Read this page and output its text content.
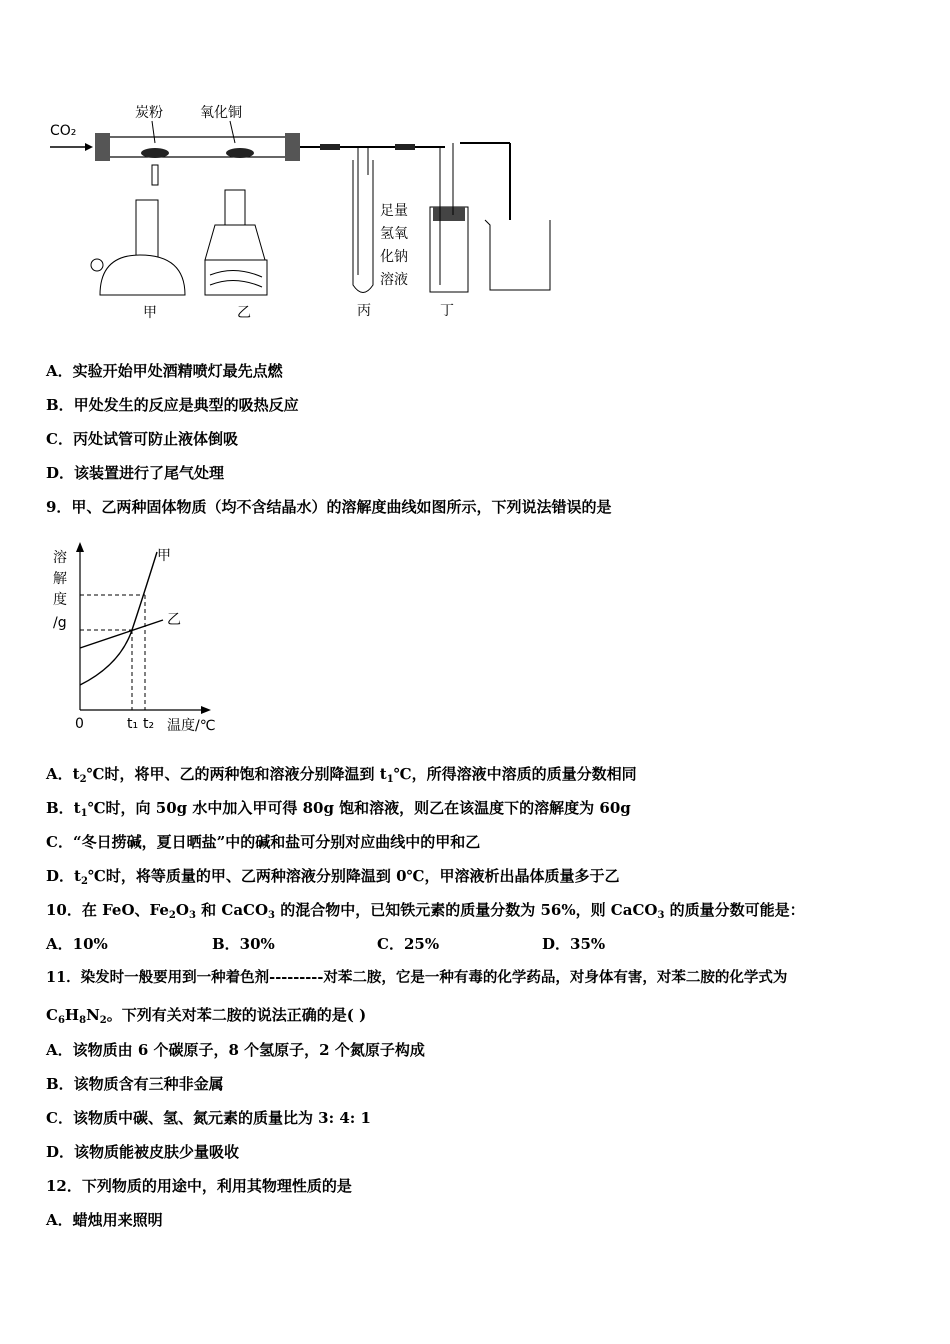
CO₂
炭粉	氧化铜
甲	乙	丙
足量
氢氧
化钠
溶液
丁
A．实验开始甲处酒精喷灯最先点燃
B．甲处发生的反应是典型的吸热反应
C．丙处试管可防止液体倒吸
D．该装置进行了尾气处理
9．甲、乙两种固体物质（均不含结晶水）的溶解度曲线如图所示，下列说法错误的是
溶
解
度
/g
0	t₁ t₂ 温度/℃
甲
乙
A．$t_2℃$时，将甲、乙的两种饱和溶液分别降温到 $t_1℃$，所得溶液中溶质的质量分数相同
B．$t_1℃$时，向 50g 水中加入甲可得 80g 饱和溶液，则乙在该温度下的溶解度为 60g
C．“冬日捞碱，夏日晒盐”中的碱和盐可分别对应曲线中的甲和乙
D．$t_2℃$时，将等质量的甲、乙两种溶液分别降温到 0℃，甲溶液析出晶体质量多于乙
10．在 FeO、$Fe_2O_3$ 和 CaCO$_3$ 的混合物中，已知铁元素的质量分数为 56%，则 CaCO$_3$ 的质量分数可能是：
A．10%	B．30%	C．25%	D．35%
11．染发时一般要用到一种着色剂---------对苯二胺，它是一种有毒的化学药品，对身体有害，对苯二胺的化学式为
$C_6H_8N_2$。下列有关对苯二胺的说法正确的是( )
A．该物质由 6 个碳原子，8 个氢原子，2 个氮原子构成
B．该物质含有三种非金属
C．该物质中碳、氢、氮元素的质量比为 3: 4: 1
D．该物质能被皮肤少量吸收
12．下列物质的用途中，利用其物理性质的是
A．蜡烛用来照明
